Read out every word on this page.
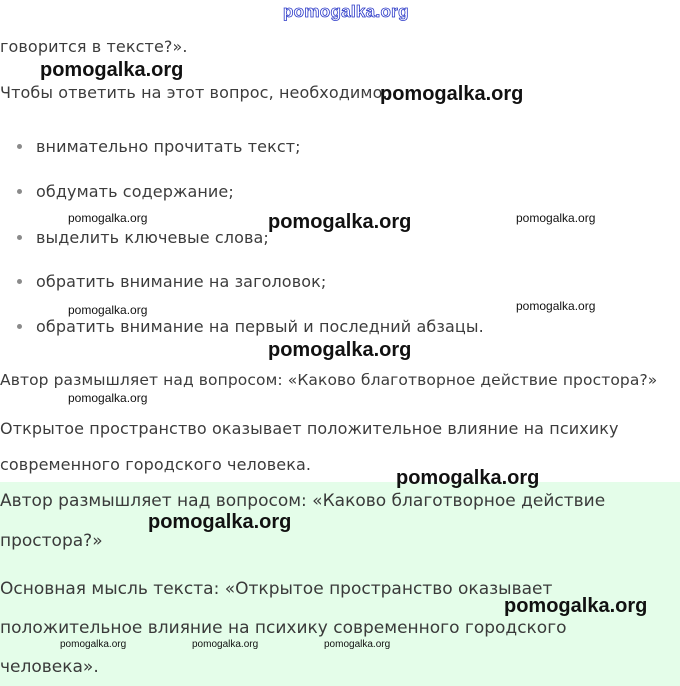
pomogalka.org
говорится в тексте?».
Чтобы ответить на этот вопрос, необходимо:
внимательно прочитать текст;
обдумать содержание;
выделить ключевые слова;
обратить внимание на заголовок;
обратить внимание на первый и последний абзацы.
Автор размышляет над вопросом: «Каково благотворное действие простора?»
Открытое пространство оказывает положительное влияние на психику
современного городского человека.
Автор размышляет над вопросом: «Каково благотворное действие
простора?»
Основная мысль текста: «Открытое пространство оказывает
положительное влияние на психику современного городского
человека».
pomogalka.org
pomogalka.org
pomogalka.org
pomogalka.org
pomogalka.org
pomogalka.org
pomogalka.org
pomogalka.org	pomogalka.org
pomogalka.org	pomogalka.org
pomogalka.org
pomogalka.org	pomogalka.org	pomogalka.org
